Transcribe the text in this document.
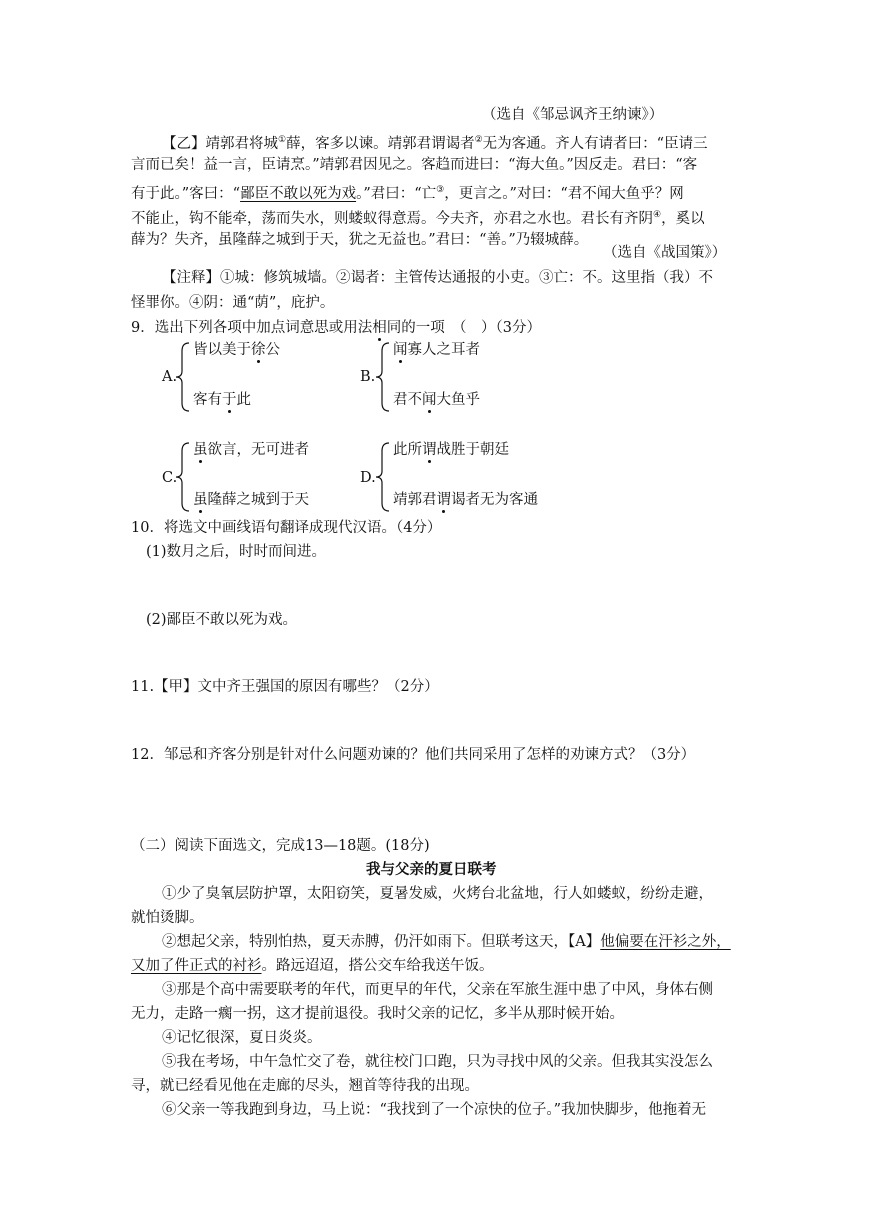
（选自《邹忌讽齐王纳谏》）
【乙】靖郭君将城①薛，客多以谏。靖郭君谓谒者②无为客通。齐人有请者曰：“臣请三
言而已矣！益一言，臣请烹。”靖郭君因见之。客趋而进曰：“海大鱼。”因反走。君曰：“客
有于此。”客曰：“鄙臣不敢以死为戏。”君曰：“亡③，更言之。”对曰：“君不闻大鱼乎？网
不能止，钩不能牵，荡而失水，则蝼蚁得意焉。今夫齐，亦君之水也。君长有齐阴④，奚以
薛为？失齐，虽隆薛之城到于天，犹之无益也。”君曰：“善。”乃辍城薛。
（选自《战国策》）
【注释】①城：修筑城墙。②谒者：主管传达通报的小吏。③亡：不。这里指（我）不
怪罪你。④阴：通“荫”，庇护。
9．选出下列各项中加点词意思或用法相同的一项　（　）（3分）
A.
皆以美于徐公
客有于此
B.
闻寡人之耳者
君不闻大鱼乎
C.
虽欲言，无可进者
虽隆薛之城到于天
D.
此所谓战胜于朝廷
靖郭君谓谒者无为客通
10．将选文中画线语句翻译成现代汉语。（4分）
(1)数月之后，时时而间进。
(2)鄙臣不敢以死为戏。
11.【甲】文中齐王强国的原因有哪些？（2分）
12．邹忌和齐客分别是针对什么问题劝谏的？他们共同采用了怎样的劝谏方式？（3分）
（二）阅读下面选文，完成13—18题。(18分)
我与父亲的夏日联考
①少了臭氧层防护罩，太阳窃笑，夏暑发威，火烤台北盆地，行人如蝼蚁，纷纷走避，
就怕烫脚。
②想起父亲，特别怕热，夏天赤膊，仍汗如雨下。但联考这天，【A】他偏要在汗衫之外，
又加了件正式的衬衫。路远迢迢，搭公交车给我送午饭。
③那是个高中需要联考的年代，而更早的年代，父亲在军旅生涯中患了中风，身体右侧
无力，走路一瘸一拐，这才提前退役。我时父亲的记忆，多半从那时候开始。
④记忆很深，夏日炎炎。
⑤我在考场，中午急忙交了卷，就往校门口跑，只为寻找中风的父亲。但我其实没怎么
寻，就已经看见他在走廊的尽头，翘首等待我的出现。
⑥父亲一等我跑到身边，马上说：“我找到了一个凉快的位子。”我加快脚步，他拖着无
